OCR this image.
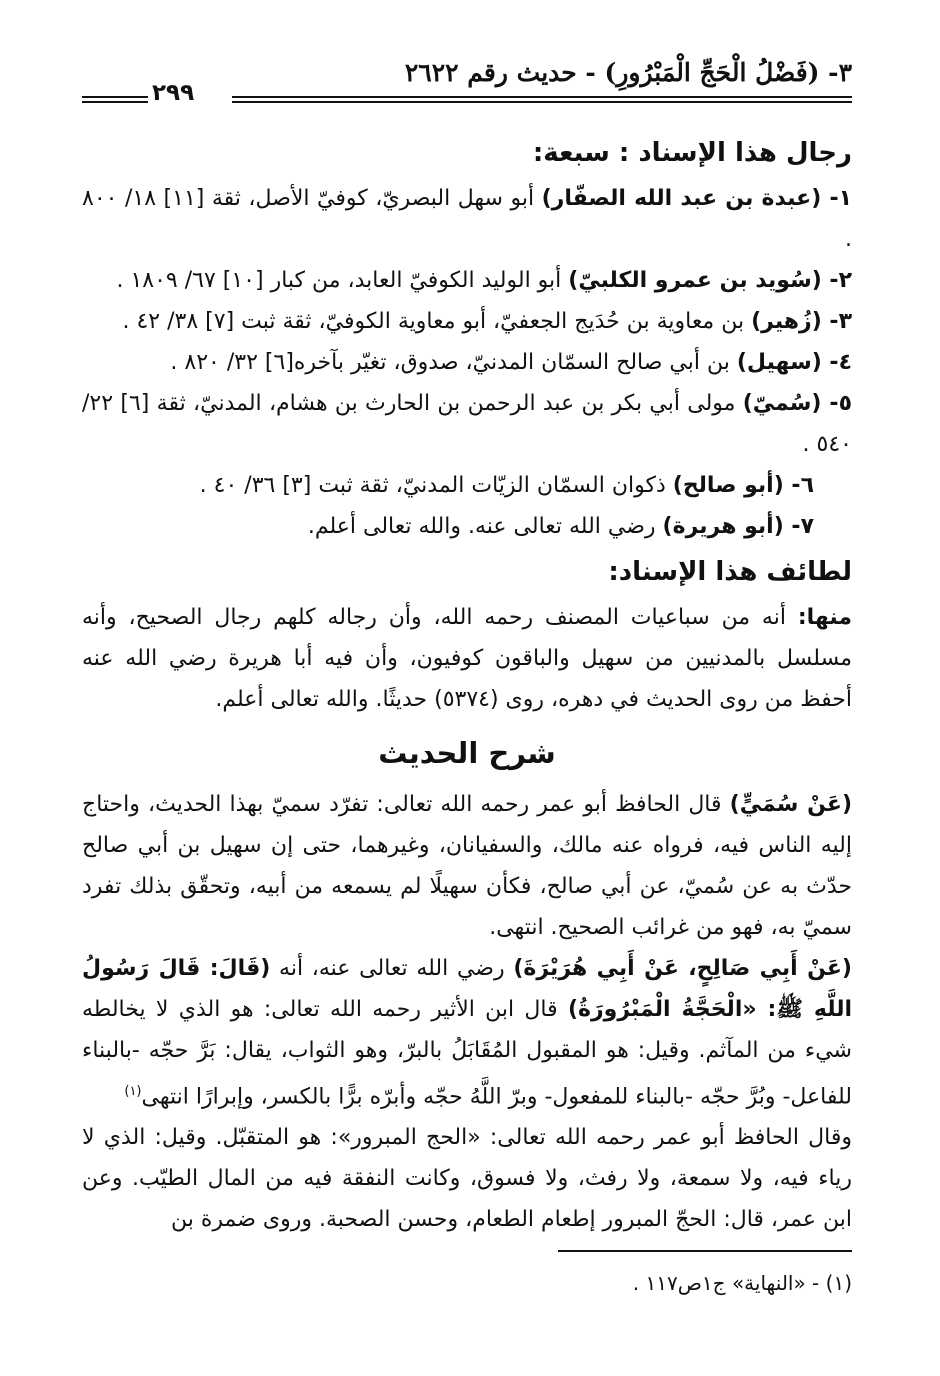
٣- (فَضْلُ الْحَجِّ الْمَبْرُورِ) - حديث رقم ٢٦٢٢
٢٩٩
رجال هذا الإسناد : سبعة:
١- (عبدة بن عبد الله الصفّار) أبو سهل البصريّ، كوفيّ الأصل، ثقة [١١] ١٨/ ٨٠٠ .
٢- (سُويد بن عمرو الكلبيّ) أبو الوليد الكوفيّ العابد، من كبار [١٠] ٦٧/ ١٨٠٩ .
٣- (زُهير) بن معاوية بن حُدَيج الجعفيّ، أبو معاوية الكوفيّ، ثقة ثبت [٧] ٣٨/ ٤٢ .
٤- (سهيل) بن أبي صالح السمّان المدنيّ، صدوق، تغيّر بآخره[٦] ٣٢/ ٨٢٠ .
٥- (سُميّ) مولى أبي بكر بن عبد الرحمن بن الحارث بن هشام، المدنيّ، ثقة [٦] ٢٢/ ٥٤٠ .
٦- (أبو صالح) ذكوان السمّان الزيّات المدنيّ، ثقة ثبت [٣] ٣٦/ ٤٠ .
٧- (أبو هريرة) رضي الله تعالى عنه. والله تعالى أعلم.
لطائف هذا الإسناد:

منها: أنه من سباعيات المصنف رحمه الله، وأن رجاله كلهم رجال الصحيح، وأنه مسلسل بالمدنيين من سهيل والباقون كوفيون، وأن فيه أبا هريرة رضي الله عنه أحفظ من روى الحديث في دهره، روى (٥٣٧٤) حديثًا. والله تعالى أعلم.

شرح الحديث

(عَنْ سُمَيٍّ) قال الحافظ أبو عمر رحمه الله تعالى: تفرّد سميّ بهذا الحديث، واحتاج إليه الناس فيه، فرواه عنه مالك، والسفيانان، وغيرهما، حتى إن سهيل بن أبي صالح حدّث به عن سُميّ، عن أبي صالح، فكأن سهيلًا لم يسمعه من أبيه، وتحقّق بذلك تفرد سميّ به، فهو من غرائب الصحيح. انتهى.

(عَنْ أَبِي صَالِحٍ، عَنْ أَبِي هُرَيْرَةَ) رضي الله تعالى عنه، أنه (قَالَ: قَالَ رَسُولُ اللَّهِ ﷺ: «الْحَجَّةُ الْمَبْرُورَةُ) قال ابن الأثير رحمه الله تعالى: هو الذي لا يخالطه شيء من المآثم. وقيل: هو المقبول المُقَابَلُ بالبرّ، وهو الثواب، يقال: بَرَّ حجّه -بالبناء للفاعل- وبُرَّ حجّه -بالبناء للمفعول- وبرّ اللَّهُ حجّه وأبرّه برًّا بالكسر، وإبرارًا انتهى$^{(١)}$

وقال الحافظ أبو عمر رحمه الله تعالى: «الحج المبرور»: هو المتقبّل. وقيل: الذي لا رياء فيه، ولا سمعة، ولا رفث، ولا فسوق، وكانت النفقة فيه من المال الطيّب. وعن ابن عمر، قال: الحجّ المبرور إطعام الطعام، وحسن الصحبة. وروى ضمرة بن

(١) - «النهاية» ج١ص١١٧ .
